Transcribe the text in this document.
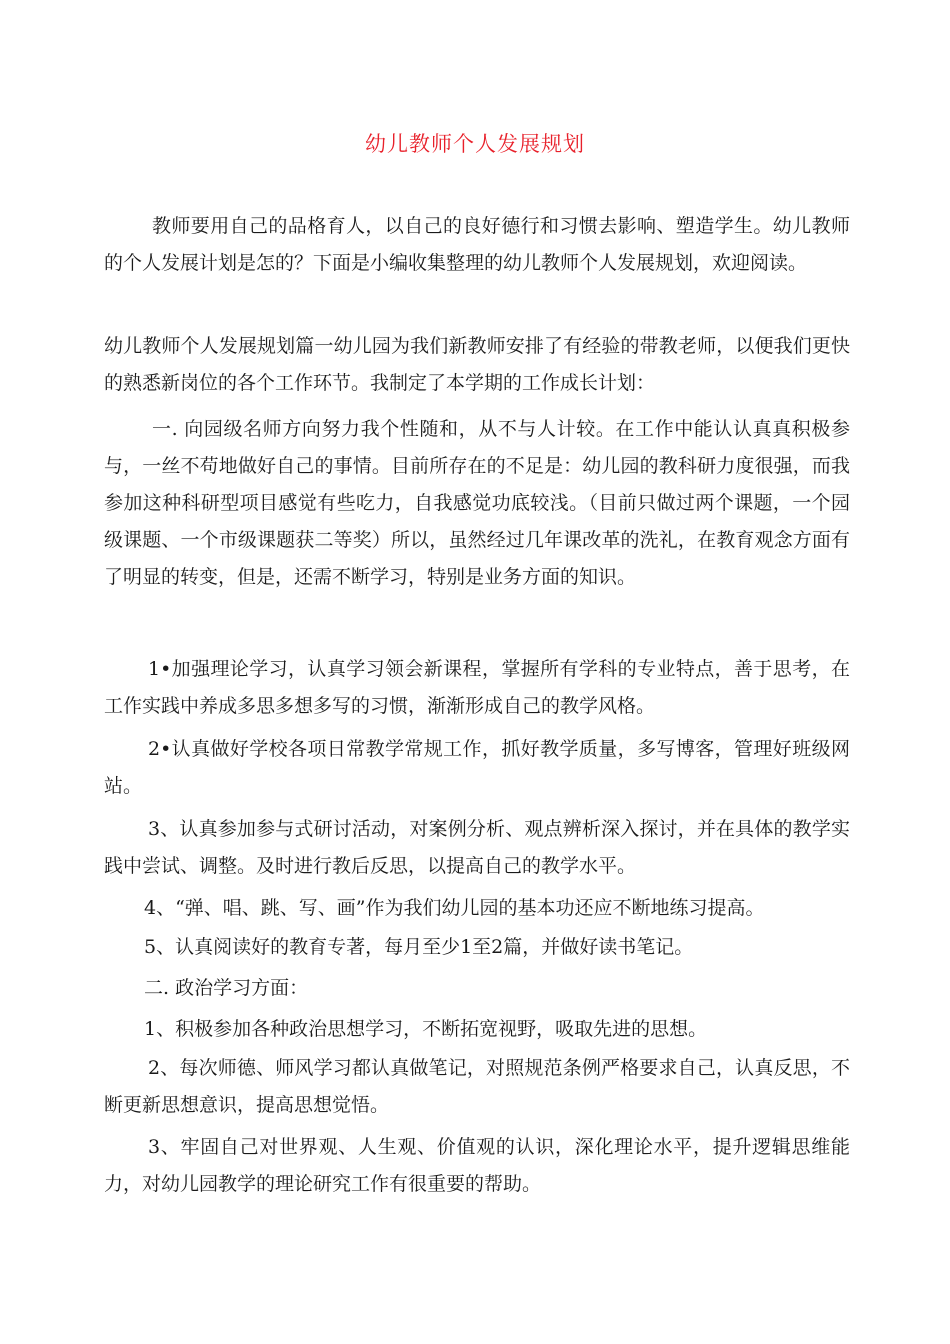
幼儿教师个人发展规划
教师要用自己的品格育人，以自己的良好德行和习惯去影响、塑造学生。幼儿教师的个人发展计划是怎的？下面是小编收集整理的幼儿教师个人发展规划，欢迎阅读。
幼儿教师个人发展规划篇一幼儿园为我们新教师安排了有经验的带教老师，以便我们更快的熟悉新岗位的各个工作环节。我制定了本学期的工作成长计划：
一. 向园级名师方向努力我个性随和，从不与人计较。在工作中能认认真真积极参与，一丝不苟地做好自己的事情。目前所存在的不足是：幼儿园的教科研力度很强，而我参加这种科研型项目感觉有些吃力，自我感觉功底较浅。（目前只做过两个课题，一个园级课题、一个市级课题获二等奖）所以，虽然经过几年课改革的洗礼，在教育观念方面有了明显的转变，但是，还需不断学习，特别是业务方面的知识。
1•加强理论学习，认真学习领会新课程，掌握所有学科的专业特点，善于思考，在工作实践中养成多思多想多写的习惯，渐渐形成自己的教学风格。
2•认真做好学校各项日常教学常规工作，抓好教学质量，多写博客，管理好班级网站。
3、认真参加参与式研讨活动，对案例分析、观点辨析深入探讨，并在具体的教学实践中尝试、调整。及时进行教后反思，以提高自己的教学水平。
4、“弹、唱、跳、写、画”作为我们幼儿园的基本功还应不断地练习提高。
5、认真阅读好的教育专著，每月至少1至2篇，并做好读书笔记。
二. 政治学习方面：
1、积极参加各种政治思想学习，不断拓宽视野，吸取先进的思想。
2、每次师德、师风学习都认真做笔记，对照规范条例严格要求自己，认真反思，不断更新思想意识，提高思想觉悟。
3、牢固自己对世界观、人生观、价值观的认识，深化理论水平，提升逻辑思维能力，对幼儿园教学的理论研究工作有很重要的帮助。
